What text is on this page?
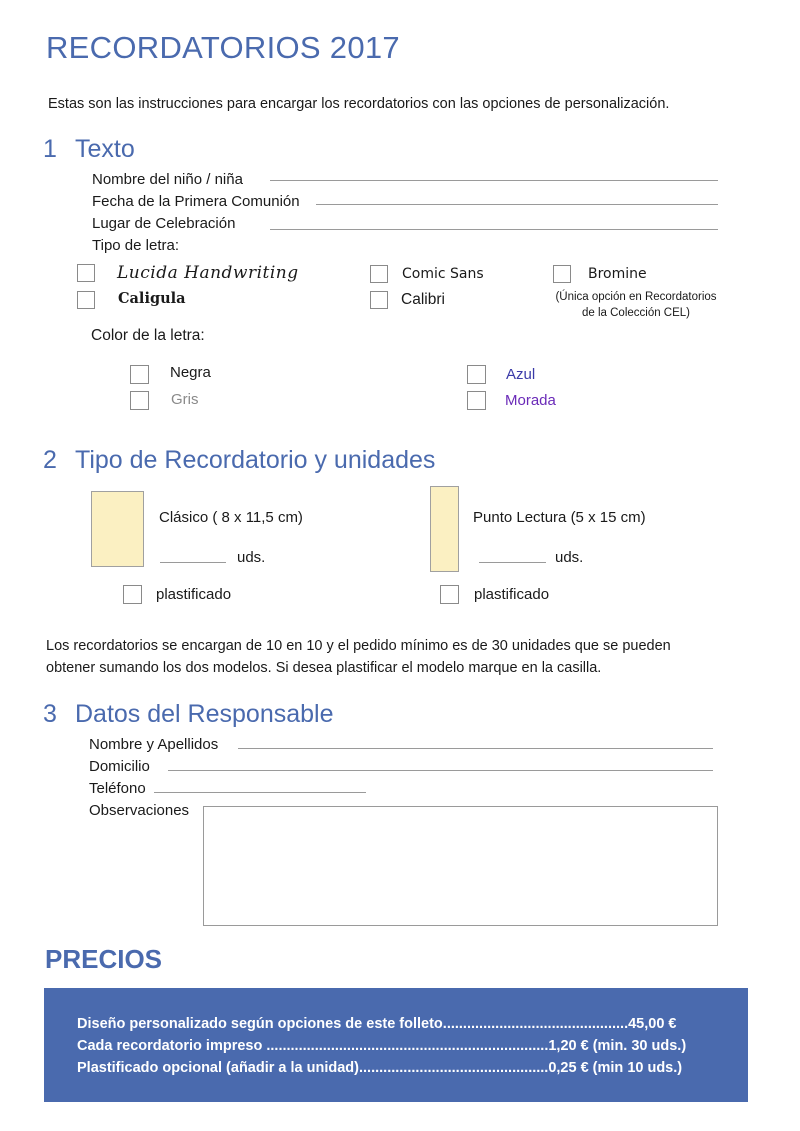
RECORDATORIOS 2017
Estas son las instrucciones para encargar los recordatorios con las opciones de personalización.
1 Texto
Nombre del niño / niña
Fecha de la Primera Comunión
Lugar de Celebración
Tipo de letra:
Lucida Handwriting
Caligula
Comic Sans
Calibri
Bromine
(Única opción en Recordatorios
de la Colección CEL)
Color de la letra:
Negra
Gris
Azul
Morada
2 Tipo de Recordatorio y unidades
Clásico ( 8 x 11,5 cm)
uds.
plastificado
Punto Lectura (5 x 15 cm)
uds.
plastificado
Los recordatorios se encargan de 10 en 10 y el pedido mínimo es de 30 unidades que se pueden
obtener sumando los dos modelos. Si desea plastificar el modelo marque en la casilla.
3 Datos del Responsable
Nombre y Apellidos
Domicilio
Teléfono
Observaciones
PRECIOS
Diseño personalizado según opciones de este folleto..............................................45,00 €
Cada recordatorio impreso ......................................................................1,20 € (min. 30 uds.)
Plastificado opcional (añadir a la unidad)...............................................0,25 € (min 10 uds.)
